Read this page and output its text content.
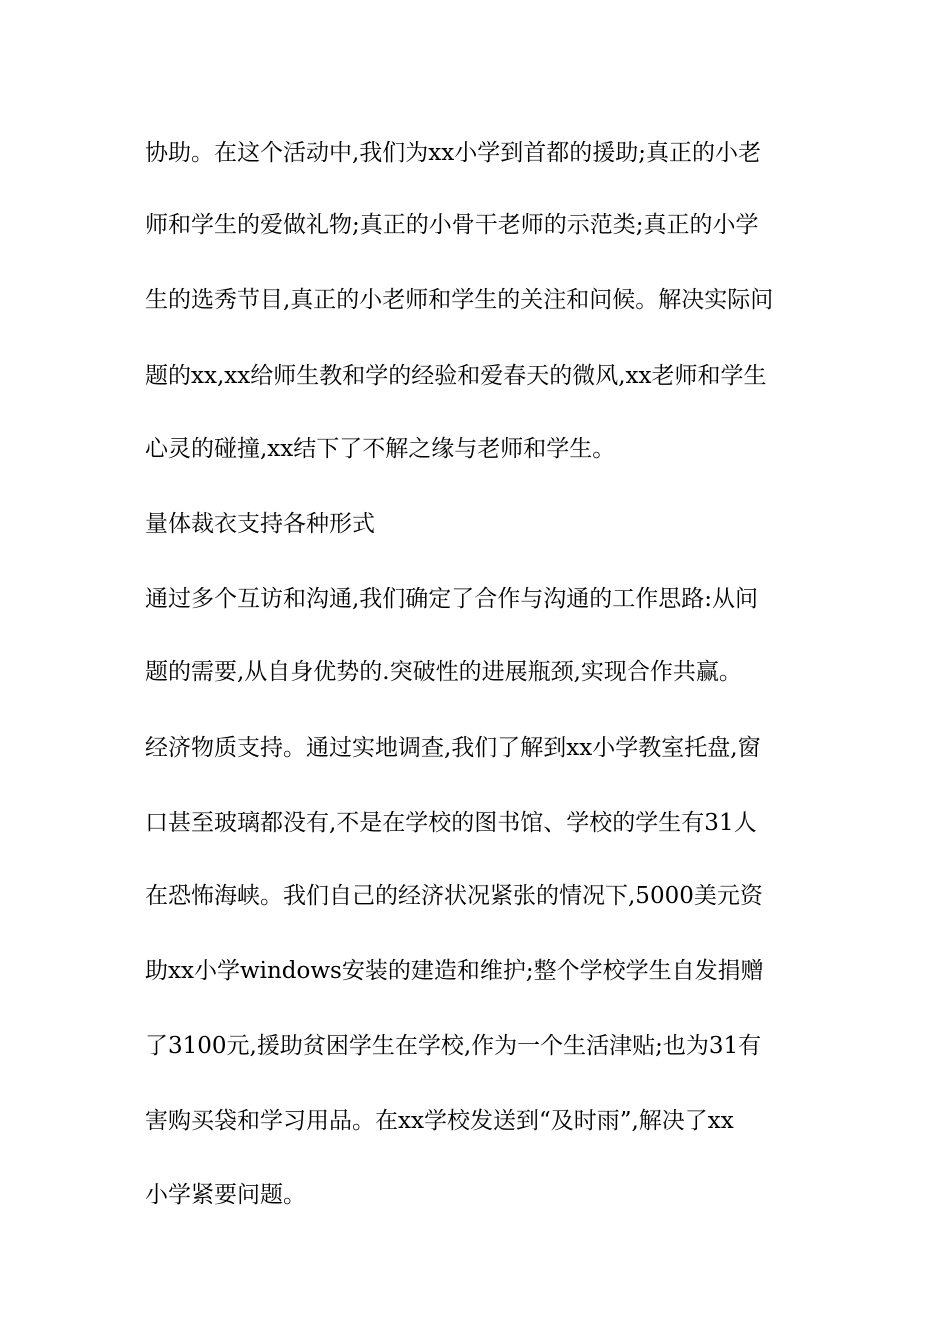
协助。在这个活动中,我们为xx小学到首都的援助;真正的小老
师和学生的爱做礼物;真正的小骨干老师的示范类;真正的小学
生的选秀节目,真正的小老师和学生的关注和问候。解决实际问
题的xx,xx给师生教和学的经验和爱春天的微风,xx老师和学生
心灵的碰撞,xx结下了不解之缘与老师和学生。
量体裁衣支持各种形式
通过多个互访和沟通,我们确定了合作与沟通的工作思路:从问
题的需要,从自身优势的.突破性的进展瓶颈,实现合作共赢。
经济物质支持。通过实地调查,我们了解到xx小学教室托盘,窗
口甚至玻璃都没有,不是在学校的图书馆、学校的学生有31人
在恐怖海峡。我们自己的经济状况紧张的情况下,5000美元资
助xx小学windows安装的建造和维护;整个学校学生自发捐赠
了3100元,援助贫困学生在学校,作为一个生活津贴;也为31有
害购买袋和学习用品。在xx学校发送到“及时雨”,解决了xx
小学紧要问题。
